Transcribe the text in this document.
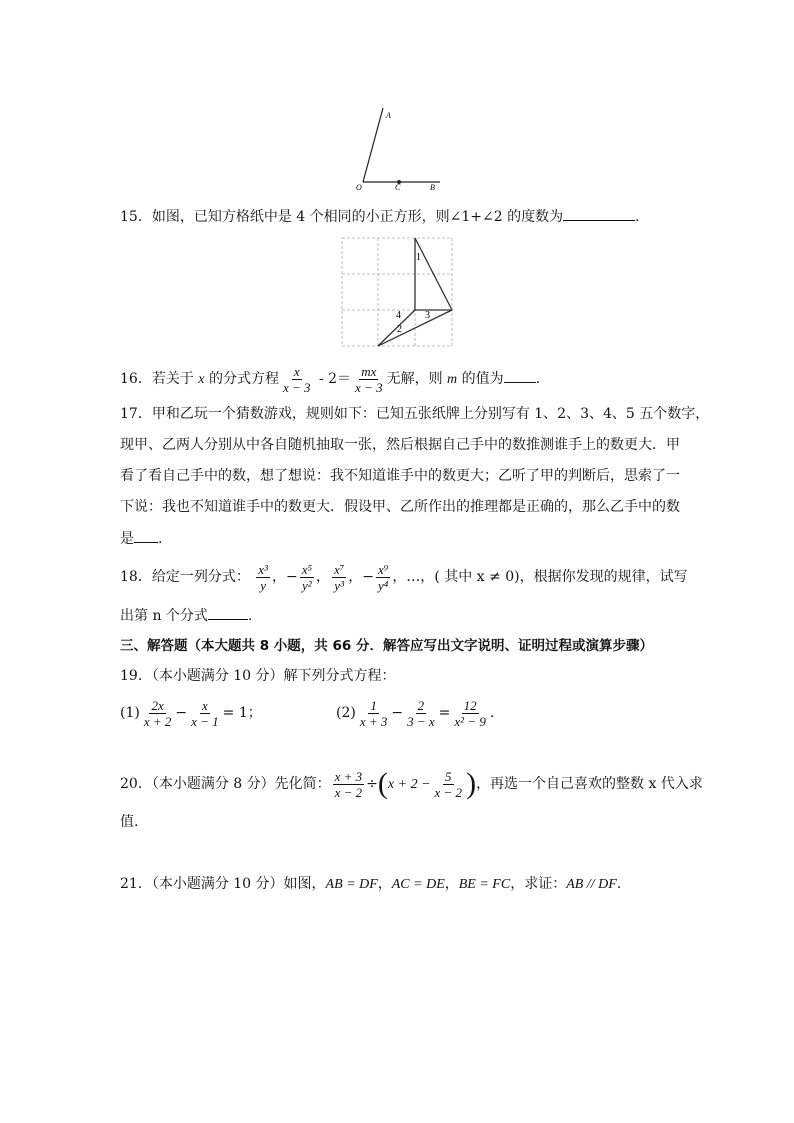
A
O	C	B
15．如图，已知方格纸中是 4 个相同的小正方形，则∠1+∠2 的度数为	.
1
4
2
3
16．若关于 x 的分式方程 $\frac{x}{x - 3} - 2= \frac{mx}{x - 3}$ 无解，则 m 的值为 .
17．甲和乙玩一个猜数游戏，规则如下：已知五张纸牌上分别写有 1、2、3、4、5 五个数字，
现甲、乙两人分别从中各自随机抽取一张，然后根据自己手中的数推测谁手上的数更大．甲
看了看自己手中的数，想了想说：我不知道谁手中的数更大；乙听了甲的判断后，思索了一
下说：我也不知道谁手中的数更大．假设甲、乙所作出的推理都是正确的，那么乙手中的数
是 .
18．给定一列分式： $\frac{\text{x³}}{y}$ ，− $\frac{\text{x⁵}}{\text{y²}}$ ， $\frac{\text{x⁷}}{\text{y³}}$ ，− $\frac{\text{x⁹}}{\text{y⁴}}$ ，…，( 其中 x ≠ 0)，根据你发现的规律，试写
出第 n 个分式	.
三、解答题（本大题共 8 小题，共 66 分．解答应写出文字说明、证明过程或演算步骤）
19．（本小题满分 10 分）解下列分式方程：
$(1) \frac{2x}{x + 2} - \frac{x}{x - 1} = 1$；	$(2) \frac{1}{x + 3} - \frac{2}{3 - x} = \frac{12}{\text{x² − 9}}$ .
20．（本小题满分 8 分）先化简： $\frac{x + 3}{x - 2} \div(x + 2 - \frac{5}{x - 2}$ )，再选一个自己喜欢的整数 x 代入求
值.
21．（本小题满分 10 分）如图，AB = DF，AC = DE，BE = FC，求证：AB // DF.
